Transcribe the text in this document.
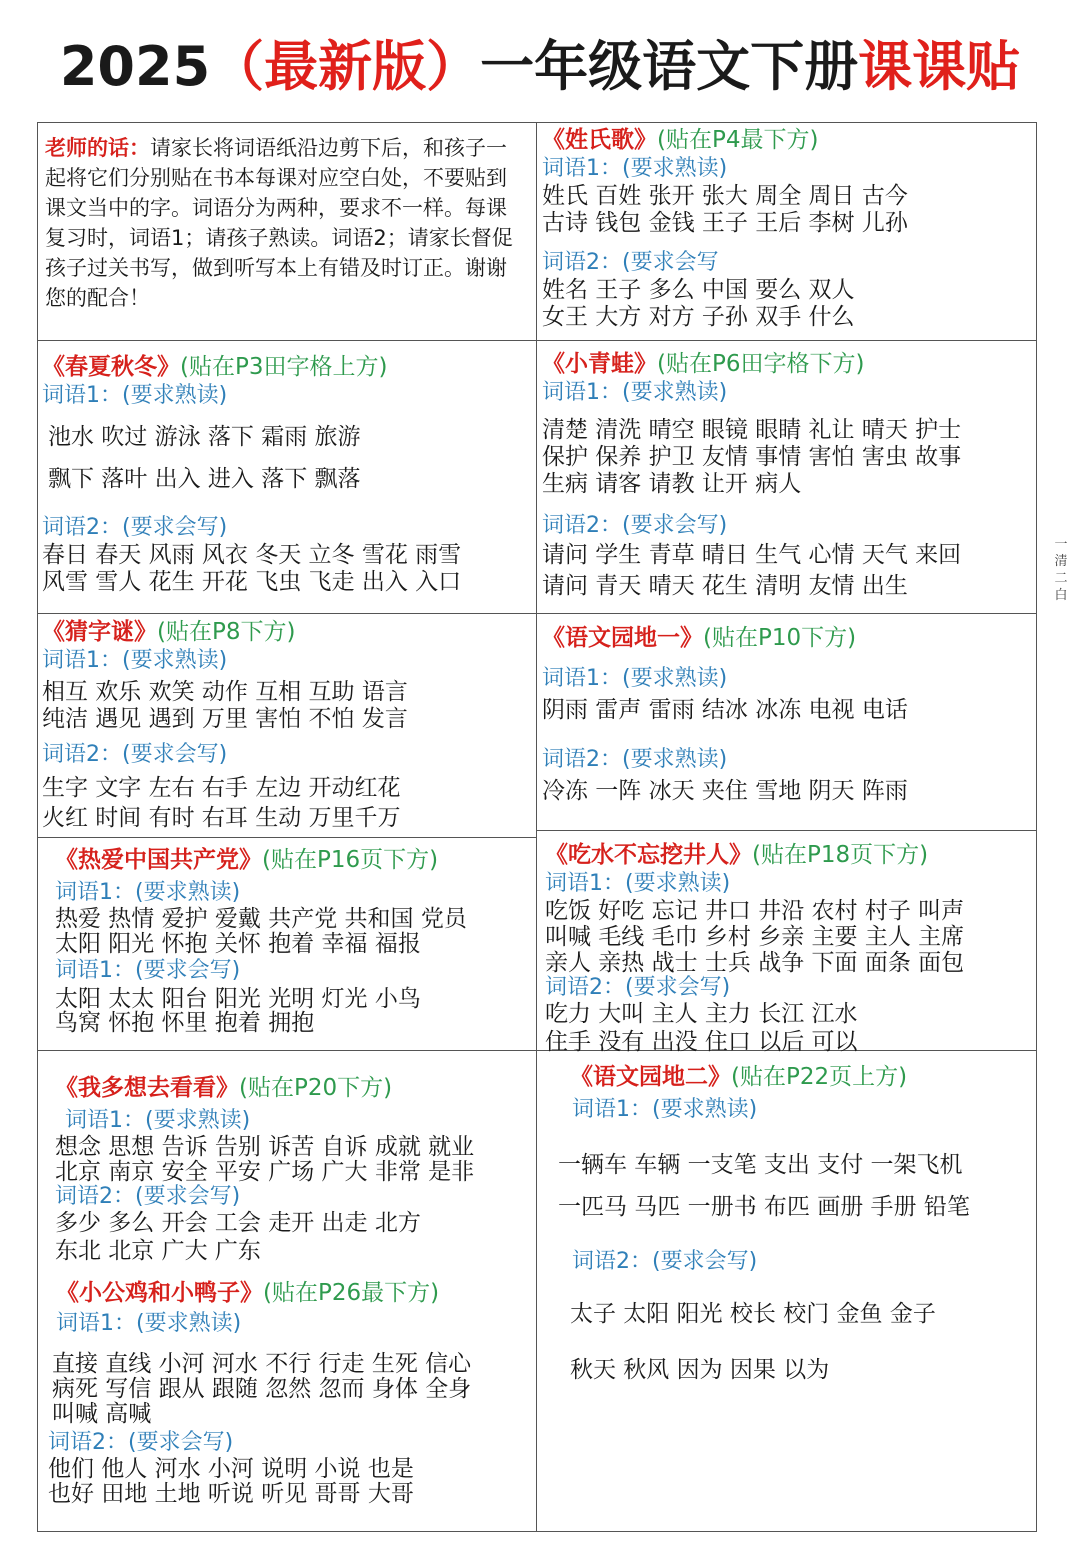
2025（最新版）一年级语文下册课课贴
老师的话：请家长将词语纸沿边剪下后，和孩子一起将它们分别贴在书本每课对应空白处，不要贴到课文当中的字。词语分为两种，要求不一样。每课复习时，词语1；请孩子熟读。词语2；请家长督促孩子过关书写，做到听写本上有错及时订正。谢谢您的配合！
《姓氏歌》(贴在P4最下方)
词语1：(要求熟读)
姓氏 百姓 张开 张大 周全 周日 古今
古诗 钱包 金钱 王子 王后 李树 儿孙
词语2：(要求会写
姓名 王子 多么 中国 要么 双人
女王 大方 对方 子孙 双手 什么
《春夏秋冬》(贴在P3田字格上方)
词语1：(要求熟读)
池水 吹过 游泳 落下 霜雨 旅游
飘下 落叶 出入 进入 落下 飘落
词语2：(要求会写)
春日 春天 风雨 风衣 冬天 立冬 雪花 雨雪
风雪 雪人 花生 开花 飞虫 飞走 出入 入口
《小青蛙》(贴在P6田字格下方)
词语1：(要求熟读)
清楚 清洗 晴空 眼镜 眼睛 礼让 晴天 护士
保护 保养 护卫 友情 事情 害怕 害虫 故事
生病 请客 请教 让开 病人
词语2：(要求会写)
请问 学生 青草 晴日 生气 心情 天气 来回
请问 青天 晴天 花生 清明 友情 出生
《猜字谜》(贴在P8下方)
词语1：(要求熟读)
相互 欢乐 欢笑 动作 互相 互助 语言
纯洁 遇见 遇到 万里 害怕 不怕 发言
词语2：(要求会写)
生字 文字 左右 右手 左边 开动红花
火红 时间 有时 右耳 生动 万里千万
《语文园地一》(贴在P10下方)
词语1：(要求熟读)
阴雨 雷声 雷雨 结冰 冰冻 电视 电话
词语2：(要求熟读)
冷冻 一阵 冰天 夹住 雪地 阴天 阵雨
《热爱中国共产党》(贴在P16页下方)
词语1：(要求熟读)
热爱 热情 爱护 爱戴 共产党 共和国 党员
太阳 阳光 怀抱 关怀 抱着 幸福 福报
词语1：(要求会写)
太阳 太太 阳台 阳光 光明 灯光 小鸟
鸟窝 怀抱 怀里 抱着 拥抱
《吃水不忘挖井人》(贴在P18页下方)
词语1：(要求熟读)
吃饭 好吃 忘记 井口 井沿 农村 村子 叫声
叫喊 毛线 毛巾 乡村 乡亲 主要 主人 主席
亲人 亲热 战士 士兵 战争 下面 面条 面包
词语2：(要求会写)
吃力 大叫 主人 主力 长江 江水
住手 没有 出没 住口 以后 可以
《我多想去看看》(贴在P20下方)
词语1：(要求熟读)
想念 思想 告诉 告别 诉苦 自诉 成就 就业
北京 南京 安全 平安 广场 广大 非常 是非
词语2：(要求会写)
多少 多么 开会 工会 走开 出走 北方
东北 北京 广大 广东
《小公鸡和小鸭子》(贴在P26最下方)
词语1：(要求熟读)
直接 直线 小河 河水 不行 行走 生死 信心
病死 写信 跟从 跟随 忽然 忽而 身体 全身
叫喊 高喊
词语2：(要求会写)
他们 他人 河水 小河 说明 小说 也是
也好 田地 土地 听说 听见 哥哥 大哥
《语文园地二》(贴在P22页上方)
词语1：(要求熟读)
一辆车 车辆 一支笔 支出 支付 一架飞机
一匹马 马匹 一册书 布匹 画册 手册 铅笔
词语2：(要求会写)
太子 太阳 阳光 校长 校门 金鱼 金子
秋天 秋风 因为 因果 以为
一清二白
